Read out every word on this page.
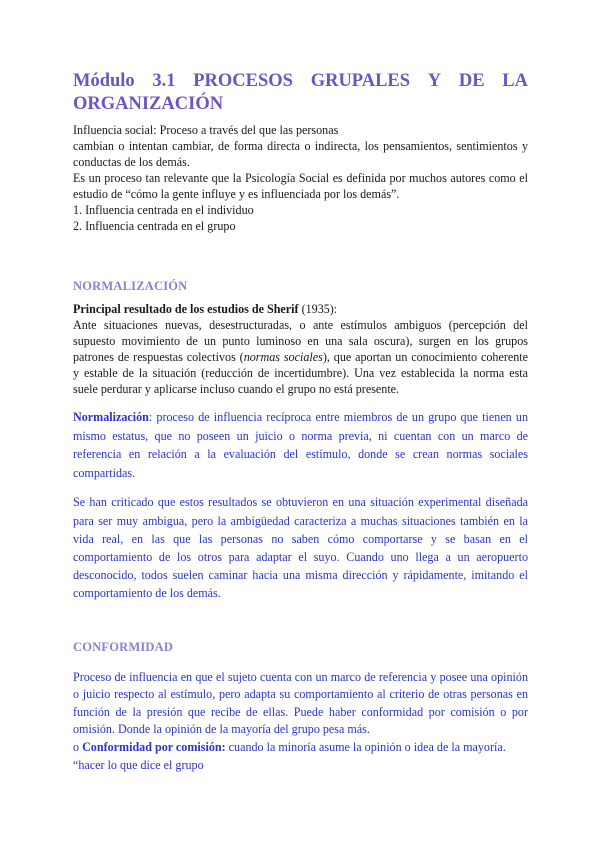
Módulo 3.1 PROCESOS GRUPALES Y DE LA
ORGANIZACIÓN

Influencia social: Proceso a través del que las personas

cambian o intentan cambiar, de forma directa o indirecta, los pensamientos, sentimientos y conductas de los demás.

Es un proceso tan relevante que la Psicología Social es definida por muchos autores como el estudio de “cómo la gente influye y es influenciada por los demás”.

1. Influencia centrada en el individuo

2. Influencia centrada en el grupo

NORMALIZACIÓN

Principal resultado de los estudios de Sherif (1935):

Ante situaciones nuevas, desestructuradas, o ante estímulos ambiguos (percepción del supuesto movimiento de un punto luminoso en una sala oscura), surgen en los grupos patrones de respuestas colectivos (normas sociales), que aportan un conocimiento coherente y estable de la situación (reducción de incertidumbre). Una vez establecida la norma esta suele perdurar y aplicarse incluso cuando el grupo no está presente.

Normalización: proceso de influencia recíproca entre miembros de un grupo que tienen un mismo estatus, que no poseen un juicio o norma previa, ni cuentan con un marco de referencia en relación a la evaluación del estímulo, donde se crean normas sociales compartidas.

Se han criticado que estos resultados se obtuvieron en una situación experimental diseñada para ser muy ambigua, pero la ambigüedad caracteriza a muchas situaciones también en la vida real, en las que las personas no saben cómo comportarse y se basan en el comportamiento de los otros para adaptar el suyo. Cuando uno llega a un aeropuerto desconocido, todos suelen caminar hacia una misma dirección y rápidamente, imitando el comportamiento de los demás.

CONFORMIDAD

Proceso de influencia en que el sujeto cuenta con un marco de referencia y posee una opinión o juicio respecto al estímulo, pero adapta su comportamiento al criterio de otras personas en función de la presión que recibe de ellas. Puede haber conformidad por comisión o por omisión. Donde la opinión de la mayoría del grupo pesa más.

o Conformidad por comisión: cuando la minoría asume la opinión o idea de la mayoría.

“hacer lo que dice el grupo
